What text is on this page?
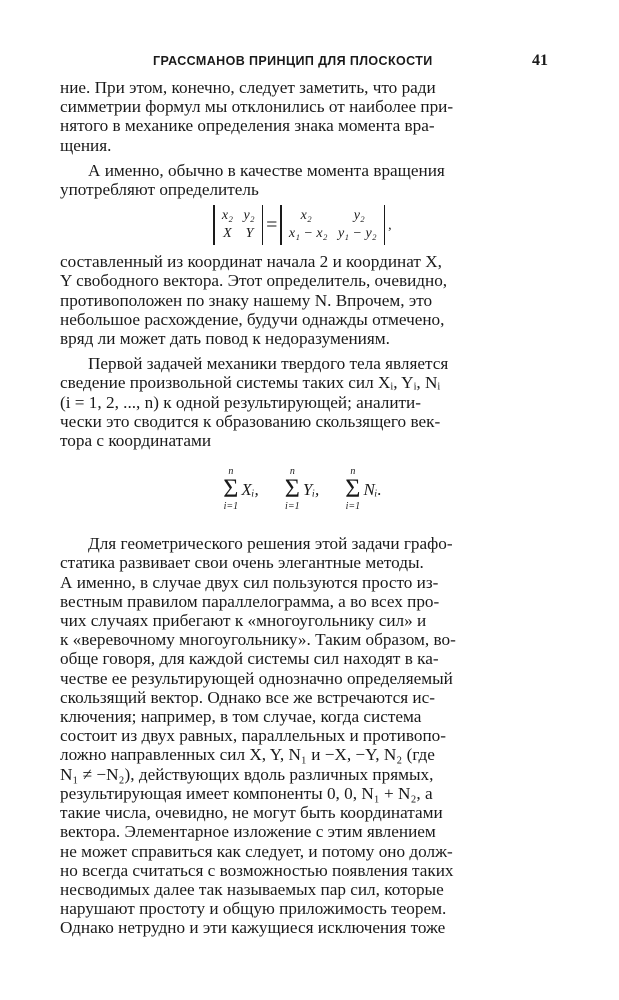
ГРАССМАНОВ ПРИНЦИП ДЛЯ ПЛОСКОСТИ	41

ние. При этом, конечно, следует заметить, что ради

симметрии формул мы отклонились от наиболее при-

нятого в механике определения знака момента вра-

щения.

А именно, обычно в качестве момента вращения

употребляют определитель

x₂   y₂
X    Y = x₂            y₂
x₁ − x₂   y₁ − y₂
,

составленный из координат начала 2 и координат X,

Y свободного вектора. Этот определитель, очевидно,

противоположен по знаку нашему N. Впрочем, это

небольшое расхождение, будучи однажды отмечено,

вряд ли может дать повод к недоразумениям.

Первой задачей механики твердого тела является

сведение произвольной системы таких сил Xᵢ, Yᵢ, Nᵢ

(i = 1, 2, ..., n) к одной результирующей; аналити-

чески это сводится к образованию скользящего век-

тора с координатами

n
Σ
i=1
Xᵢ,
n
Σ
i=1
Yᵢ,
n
Σ
i=1
Nᵢ.

Для геометрического решения этой задачи графо-

статика развивает свои очень элегантные методы.

А именно, в случае двух сил пользуются просто из-

вестным правилом параллелограмма, а во всех про-

чих случаях прибегают к «многоугольнику сил» и

к «веревочному многоугольнику». Таким образом, во-

обще говоря, для каждой системы сил находят в ка-

честве ее результирующей однозначно определяемый

скользящий вектор. Однако все же встречаются ис-

ключения; например, в том случае, когда система

состоит из двух равных, параллельных и противопо-

ложно направленных сил X, Y, N₁ и −X, −Y, N₂ (где

N₁ ≠ −N₂), действующих вдоль различных прямых,

результирующая имеет компоненты 0, 0, N₁ + N₂, а

такие числа, очевидно, не могут быть координатами

вектора. Элементарное изложение с этим явлением

не может справиться как следует, и потому оно долж-

но всегда считаться с возможностью появления таких

несводимых далее так называемых пар сил, которые

нарушают простоту и общую приложимость теорем.

Однако нетрудно и эти кажущиеся исключения тоже
